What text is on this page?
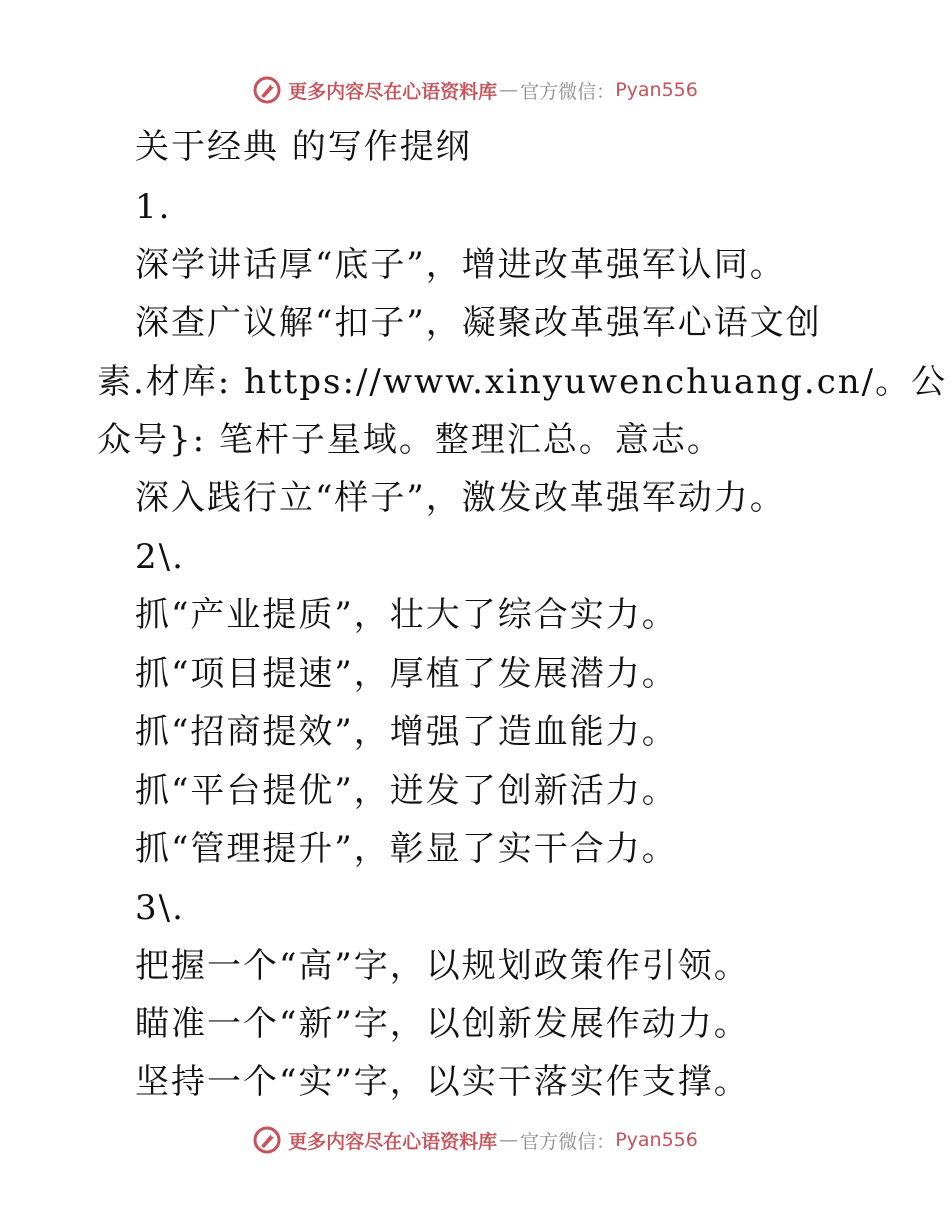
更多内容尽在心语资料库 — 官方微信： Pyan556
关于经典 的写作提纲
1.
深学讲话厚“底子”，增进改革强军认同。
深查广议解“扣子”，凝聚改革强军心语文创
素.材库: https://www.xinyuwenchuang.cn/。公
众号}: 笔杆子星域。整理汇总。意志。
深入践行立“样子”，激发改革强军动力。
2\.
抓“产业提质”，壮大了综合实力。
抓“项目提速”，厚植了发展潜力。
抓“招商提效”，增强了造血能力。
抓“平台提优”，迸发了创新活力。
抓“管理提升”，彰显了实干合力。
3\.
把握一个“高”字，以规划政策作引领。
瞄准一个“新”字，以创新发展作动力。
坚持一个“实”字，以实干落实作支撑。
更多内容尽在心语资料库 — 官方微信： Pyan556
